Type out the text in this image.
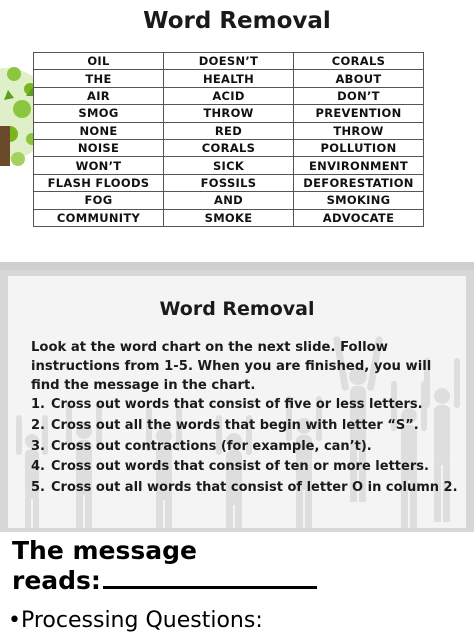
Word Removal
OIL	DOESN’T	CORALS
THE	HEALTH	ABOUT
AIR	ACID	DON’T
SMOG	THROW	PREVENTION
NONE	RED	THROW
NOISE	CORALS	POLLUTION
WON’T	SICK	ENVIRONMENT
FLASH FLOODS	FOSSILS	DEFORESTATION
FOG	AND	SMOKING
COMMUNITY	SMOKE	ADVOCATE
Word Removal
Look at the word chart on the next slide. Follow instructions from 1-5. When you are finished, you will find the message in the chart.
1. Cross out words that consist of five or less letters.
2. Cross out all the words that begin with letter “S”.
3. Cross out contractions (for example, can’t).
4. Cross out words that consist of ten or more letters.
5. Cross out all words that consist of letter O in column 2.
The message
reads:
•Processing Questions:
